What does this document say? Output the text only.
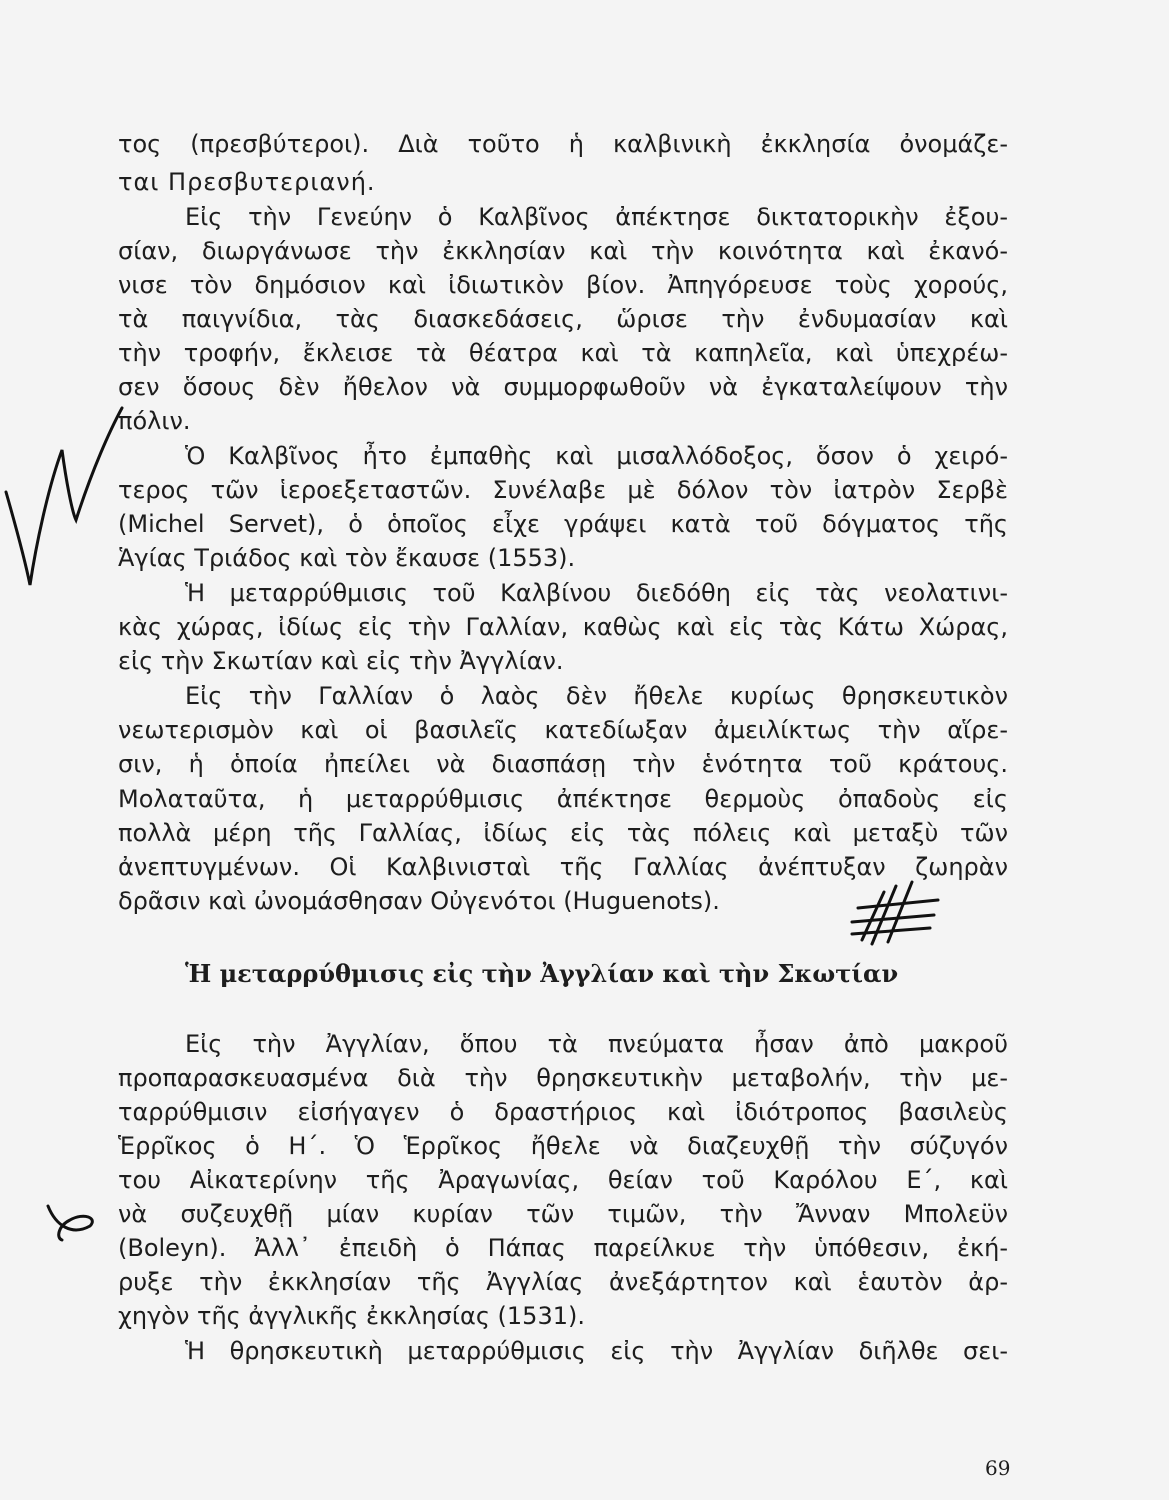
τος (πρεσβύτεροι). Διὰ τοῦτο ἡ καλβινικὴ ἐκκλησία ὀνομάζε-
ται Πρεσβυτεριανή.
Εἰς τὴν Γενεύην ὁ Καλβῖνος ἀπέκτησε δικτατορικὴν ἐξου-
σίαν, διωργάνωσε τὴν ἐκκλησίαν καὶ τὴν κοινότητα καὶ ἐκανό-
νισε τὸν δημόσιον καὶ ἰδιωτικὸν βίον. Ἀπηγόρευσε τοὺς χορούς,
τὰ παιγνίδια, τὰς διασκεδάσεις, ὥρισε τὴν ἐνδυμασίαν καὶ
τὴν τροφήν, ἔκλεισε τὰ θέατρα καὶ τὰ καπηλεῖα, καὶ ὑπεχρέω-
σεν ὅσους δὲν ἤθελον νὰ συμμορφωθοῦν νὰ ἐγκαταλείψουν τὴν
πόλιν.
Ὁ Καλβῖνος ἦτο ἐμπαθὴς καὶ μισαλλόδοξος, ὅσον ὁ χειρό-
τερος τῶν ἱεροεξεταστῶν. Συνέλαβε μὲ δόλον τὸν ἰατρὸν Σερβὲ
(Michel Servet), ὁ ὁποῖος εἶχε γράψει κατὰ τοῦ δόγματος τῆς
Ἁγίας Τριάδος καὶ τὸν ἔκαυσε (1553).
Ἡ μεταρρύθμισις τοῦ Καλβίνου διεδόθη εἰς τὰς νεολατινι-
κὰς χώρας, ἰδίως εἰς τὴν Γαλλίαν, καθὼς καὶ εἰς τὰς Κάτω Χώρας,
εἰς τὴν Σκωτίαν καὶ εἰς τὴν Ἀγγλίαν.
Εἰς τὴν Γαλλίαν ὁ λαὸς δὲν ἤθελε κυρίως θρησκευτικὸν
νεωτερισμὸν καὶ οἱ βασιλεῖς κατεδίωξαν ἀμειλίκτως τὴν αἵρε-
σιν, ἡ ὁποία ἠπείλει νὰ διασπάσῃ τὴν ἑνότητα τοῦ κράτους.
Μολαταῦτα, ἡ μεταρρύθμισις ἀπέκτησε θερμοὺς ὀπαδοὺς εἰς
πολλὰ μέρη τῆς Γαλλίας, ἰδίως εἰς τὰς πόλεις καὶ μεταξὺ τῶν
ἀνεπτυγμένων. Οἱ Καλβινισταὶ τῆς Γαλλίας ἀνέπτυξαν ζωηρὰν
δρᾶσιν καὶ ὠνομάσθησαν Οὐγενότοι (Huguenots).
Ἡ μεταρρύθμισις εἰς τὴν Ἀγγλίαν καὶ τὴν Σκωτίαν
Εἰς τὴν Ἀγγλίαν, ὅπου τὰ πνεύματα ἦσαν ἀπὸ μακροῦ
προπαρασκευασμένα διὰ τὴν θρησκευτικὴν μεταβολήν, τὴν με-
ταρρύθμισιν εἰσήγαγεν ὁ δραστήριος καὶ ἰδιότροπος βασιλεὺς
Ἑρρῖκος ὁ Η΄. Ὁ Ἑρρῖκος ἤθελε νὰ διαζευχθῇ τὴν σύζυγόν
του Αἰκατερίνην τῆς Ἀραγωνίας, θείαν τοῦ Καρόλου Ε΄, καὶ
νὰ συζευχθῇ μίαν κυρίαν τῶν τιμῶν, τὴν Ἄνναν Μπολεϋν
(Boleyn). Ἀλλ᾽ ἐπειδὴ ὁ Πάπας παρείλκυε τὴν ὑπόθεσιν, ἐκή-
ρυξε τὴν ἐκκλησίαν τῆς Ἀγγλίας ἀνεξάρτητον καὶ ἑαυτὸν ἀρ-
χηγὸν τῆς ἀγγλικῆς ἐκκλησίας (1531).
Ἡ θρησκευτικὴ μεταρρύθμισις εἰς τὴν Ἀγγλίαν διῆλθε σει-
69
